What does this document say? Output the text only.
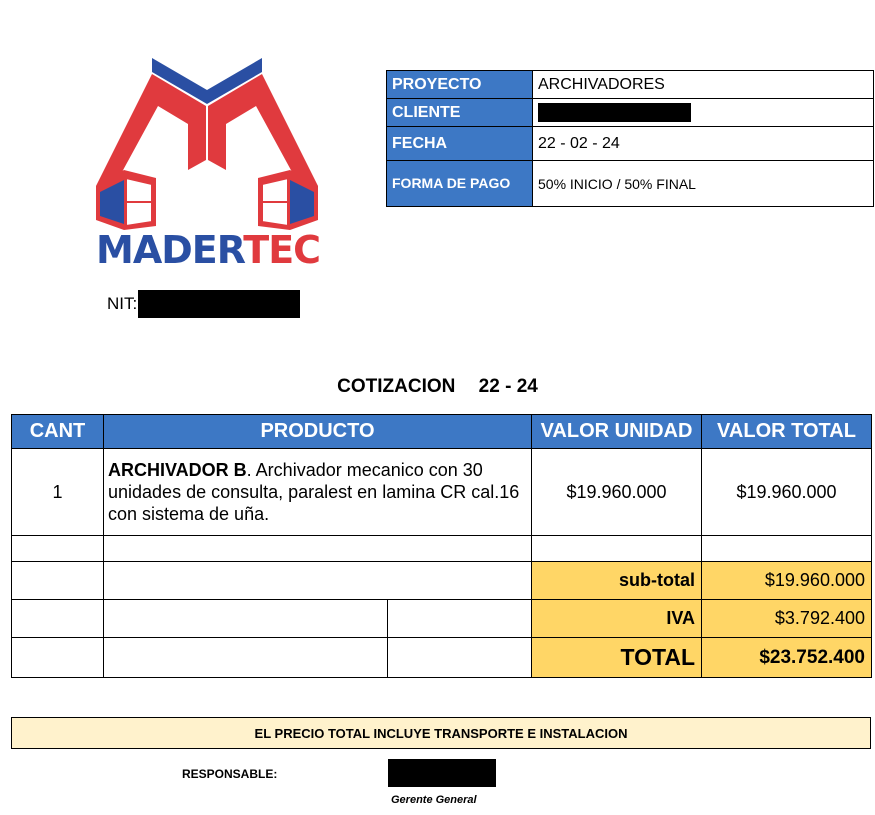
MADERTEC
NIT:
PROYECTO	ARCHIVADORES
CLIENTE	
FECHA	22 - 02 - 24
FORMA DE PAGO	50% INICIO / 50% FINAL
COTIZACION 22 - 24
CANT	PRODUCTO		VALOR UNIDAD	VALOR TOTAL
1	ARCHIVADOR B. Archivador mecanico con 30 unidades de consulta, paralest en lamina CR cal.16 con sistema de uña.		$19.960.000	$19.960.000

			sub-total	$19.960.000
			IVA	$3.792.400
			TOTAL	$23.752.400
EL PRECIO TOTAL INCLUYE TRANSPORTE E INSTALACION
RESPONSABLE:
Gerente General
